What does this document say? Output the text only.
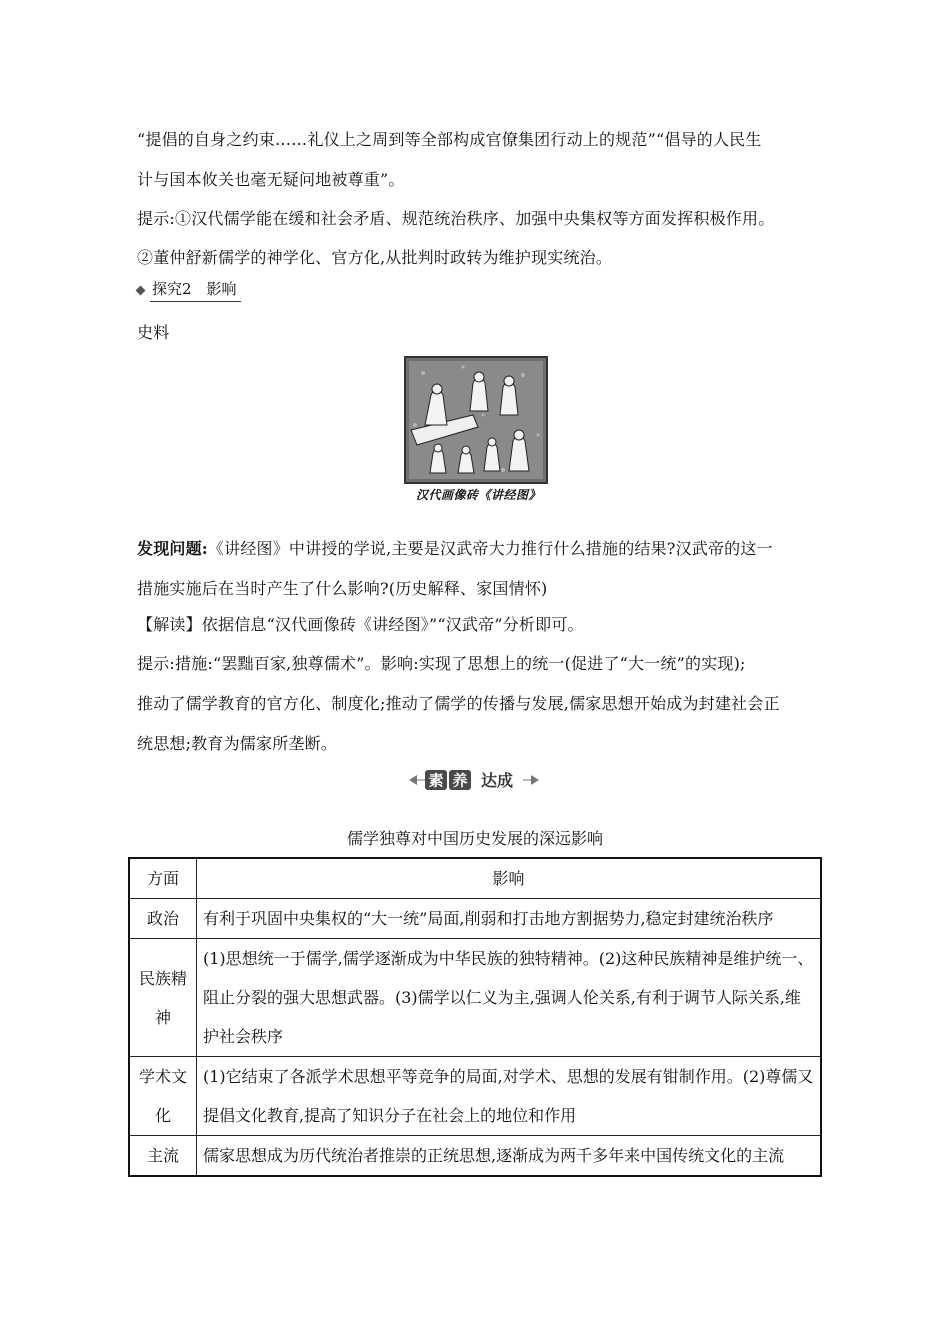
“提倡的自身之约束……礼仪上之周到等全部构成官僚集团行动上的规范”“倡导的人民生
计与国本攸关也毫无疑问地被尊重”。
提示:①汉代儒学能在缓和社会矛盾、规范统治秩序、加强中央集权等方面发挥积极作用。
②董仲舒新儒学的神学化、官方化,从批判时政转为维护现实统治。
探究2　影响
史料
汉代画像砖《讲经图》
发现问题:《讲经图》中讲授的学说,主要是汉武帝大力推行什么措施的结果?汉武帝的这一
措施实施后在当时产生了什么影响?(历史解释、家国情怀)
【解读】依据信息“汉代画像砖《讲经图》”“汉武帝”分析即可。
提示:措施:“罢黜百家,独尊儒术”。影响:实现了思想上的统一(促进了“大一统”的实现);
推动了儒学教育的官方化、制度化;推动了儒学的传播与发展,儒家思想开始成为封建社会正
统思想;教育为儒家所垄断。
素 养 达成
儒学独尊对中国历史发展的深远影响
方面	影响
政治	有利于巩固中央集权的“大一统”局面,削弱和打击地方割据势力,稳定封建统治秩序
民族精神	(1)思想统一于儒学,儒学逐渐成为中华民族的独特精神。(2)这种民族精神是维护统一、阻止分裂的强大思想武器。(3)儒学以仁义为主,强调人伦关系,有利于调节人际关系,维护社会秩序
学术文化	(1)它结束了各派学术思想平等竞争的局面,对学术、思想的发展有钳制作用。(2)尊儒又提倡文化教育,提高了知识分子在社会上的地位和作用
主流	儒家思想成为历代统治者推崇的正统思想,逐渐成为两千多年来中国传统文化的主流
